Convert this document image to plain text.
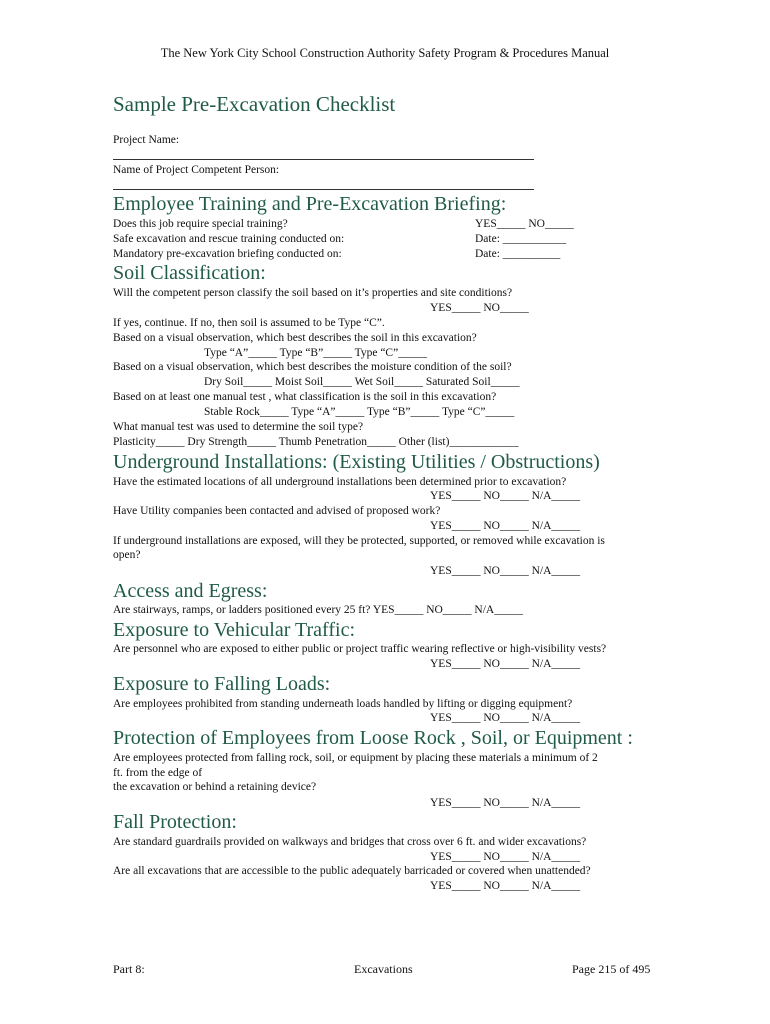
The New York City School Construction Authority Safety Program & Procedures Manual
Sample Pre-Excavation Checklist
Project Name:
Name of Project Competent Person:
Employee Training and Pre-Excavation Briefing:
Does this job require special training?	YES_____ NO_____
Safe excavation and rescue training conducted on:	Date: ___________
Mandatory pre-excavation briefing conducted on:	Date: __________
Soil Classification:
Will the competent person classify the soil based on it’s properties and site conditions?
YES_____ NO_____
If yes, continue. If no, then soil is assumed to be Type “C”.
Based on a visual observation, which best describes the soil in this excavation?
Type “A”_____ Type “B”_____ Type “C”_____
Based on a visual observation, which best describes the moisture condition of the soil?
Dry Soil_____ Moist Soil_____ Wet Soil_____ Saturated Soil_____
Based on at least one manual test , what classification is the soil in this excavation?
Stable Rock_____ Type “A”_____ Type “B”_____ Type “C”_____
What manual test was used to determine the soil type?
Plasticity_____ Dry Strength_____ Thumb Penetration_____ Other (list)____________
Underground Installations: (Existing Utilities / Obstructions)
Have the estimated locations of all underground installations been determined prior to excavation?
YES_____ NO_____ N/A_____
Have Utility companies been contacted and advised of proposed work?
YES_____ NO_____ N/A_____
If underground installations are exposed, will they be protected, supported, or removed while excavation is
open?
YES_____ NO_____ N/A_____
Access and Egress:
Are stairways, ramps, or ladders positioned every 25 ft? YES_____ NO_____ N/A_____
Exposure to Vehicular Traffic:
Are personnel who are exposed to either public or project traffic wearing reflective or high-visibility vests?
YES_____ NO_____ N/A_____
Exposure to Falling Loads:
Are employees prohibited from standing underneath loads handled by lifting or digging equipment?
YES_____ NO_____ N/A_____
Protection of Employees from Loose Rock , Soil, or Equipment :
Are employees protected from falling rock, soil, or equipment by placing these materials a minimum of 2
ft. from the edge of
the excavation or behind a retaining device?
YES_____ NO_____ N/A_____
Fall Protection:
Are standard guardrails provided on walkways and bridges that cross over 6 ft. and wider excavations?
YES_____ NO_____ N/A_____
Are all excavations that are accessible to the public adequately barricaded or covered when unattended?
YES_____ NO_____ N/A_____
Part 8:	Excavations	Page 215 of 495
